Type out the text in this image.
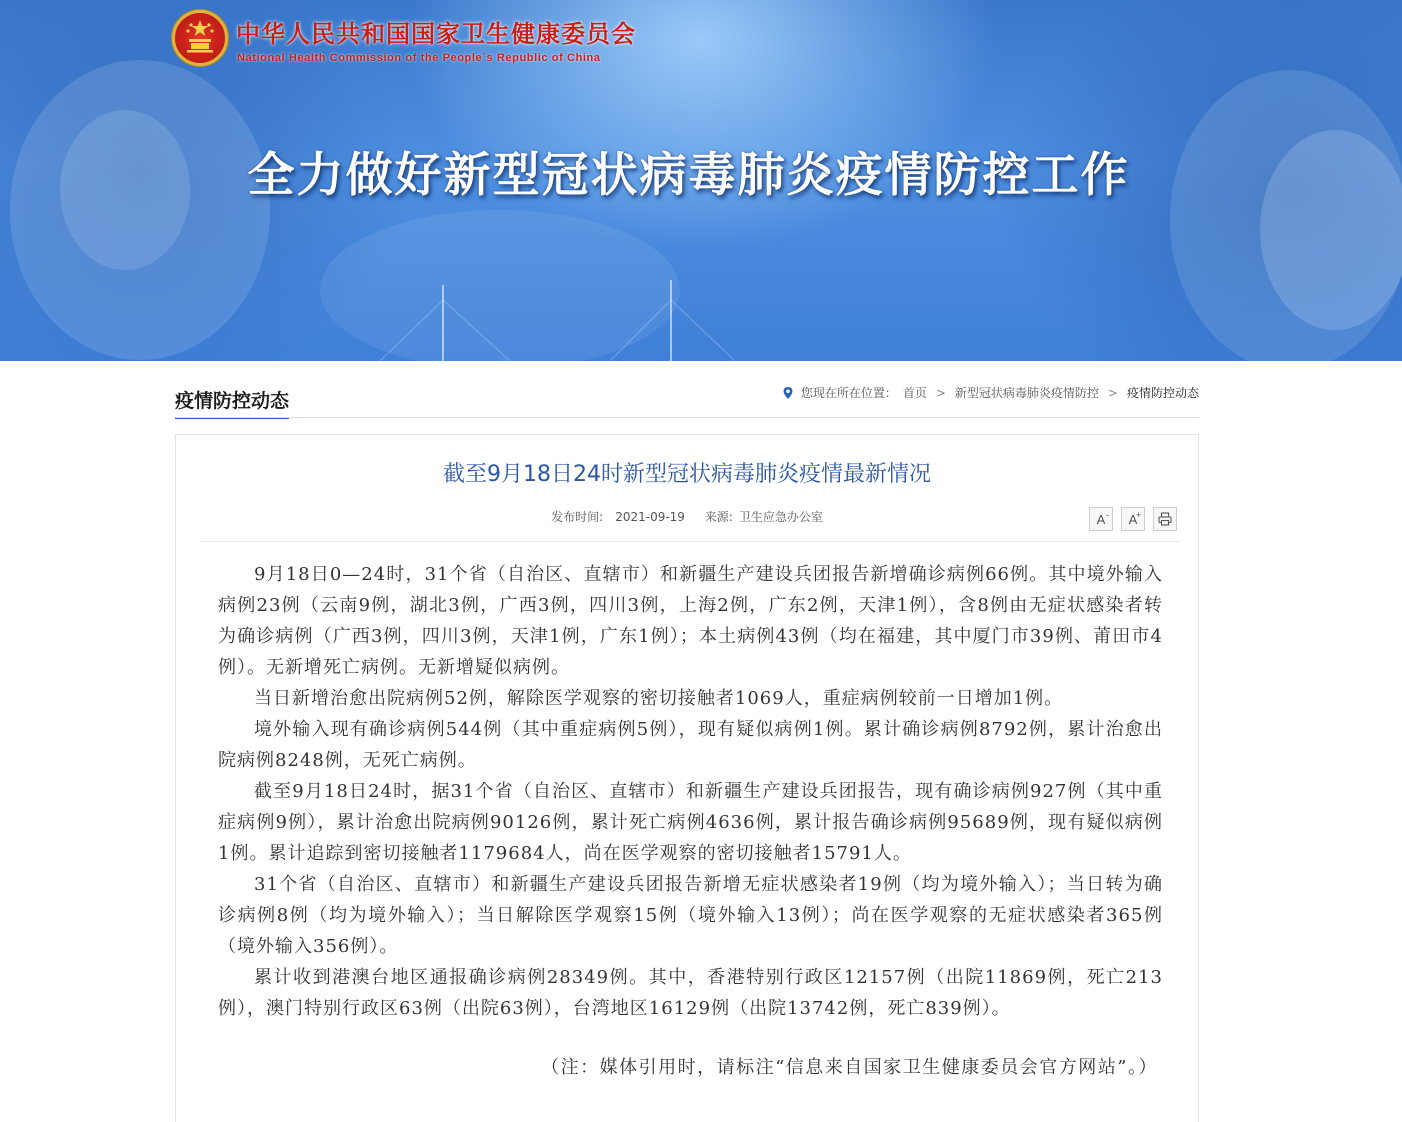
中华人民共和国国家卫生健康委员会
National Health Commission of the People´s Republic of China
全力做好新型冠状病毒肺炎疫情防控工作
疫情防控动态	您现在所在位置： 首页 > 新型冠状病毒肺炎疫情防控 > 疫情防控动态
截至9月18日24时新型冠状病毒肺炎疫情最新情况
发布时间: 2021-09-19 来源: 卫生应急办公室	A- A
+

9月18日0—24时，31个省（自治区、直辖市）和新疆生产建设兵团报告新增确诊病例66例。其中境外输入病例23例（云南9例，湖北3例，广西3例，四川3例，上海2例，广东2例，天津1例），含8例由无症状感染者转为确诊病例（广西3例，四川3例，天津1例，广东1例）；本土病例43例（均在福建，其中厦门市39例、莆田市4例）。无新增死亡病例。无新增疑似病例。

当日新增治愈出院病例52例，解除医学观察的密切接触者1069人，重症病例较前一日增加1例。

境外输入现有确诊病例544例（其中重症病例5例），现有疑似病例1例。累计确诊病例8792例，累计治愈出院病例8248例，无死亡病例。

截至9月18日24时，据31个省（自治区、直辖市）和新疆生产建设兵团报告，现有确诊病例927例（其中重症病例9例），累计治愈出院病例90126例，累计死亡病例4636例，累计报告确诊病例95689例，现有疑似病例1例。累计追踪到密切接触者1179684人，尚在医学观察的密切接触者15791人。

31个省（自治区、直辖市）和新疆生产建设兵团报告新增无症状感染者19例（均为境外输入）；当日转为确诊病例8例（均为境外输入）；当日解除医学观察15例（境外输入13例）；尚在医学观察的无症状感染者365例（境外输入356例）。

累计收到港澳台地区通报确诊病例28349例。其中，香港特别行政区12157例（出院11869例，死亡213例），澳门特别行政区63例（出院63例），台湾地区16129例（出院13742例，死亡839例）。

（注：媒体引用时，请标注“信息来自国家卫生健康委员会官方网站”。）
